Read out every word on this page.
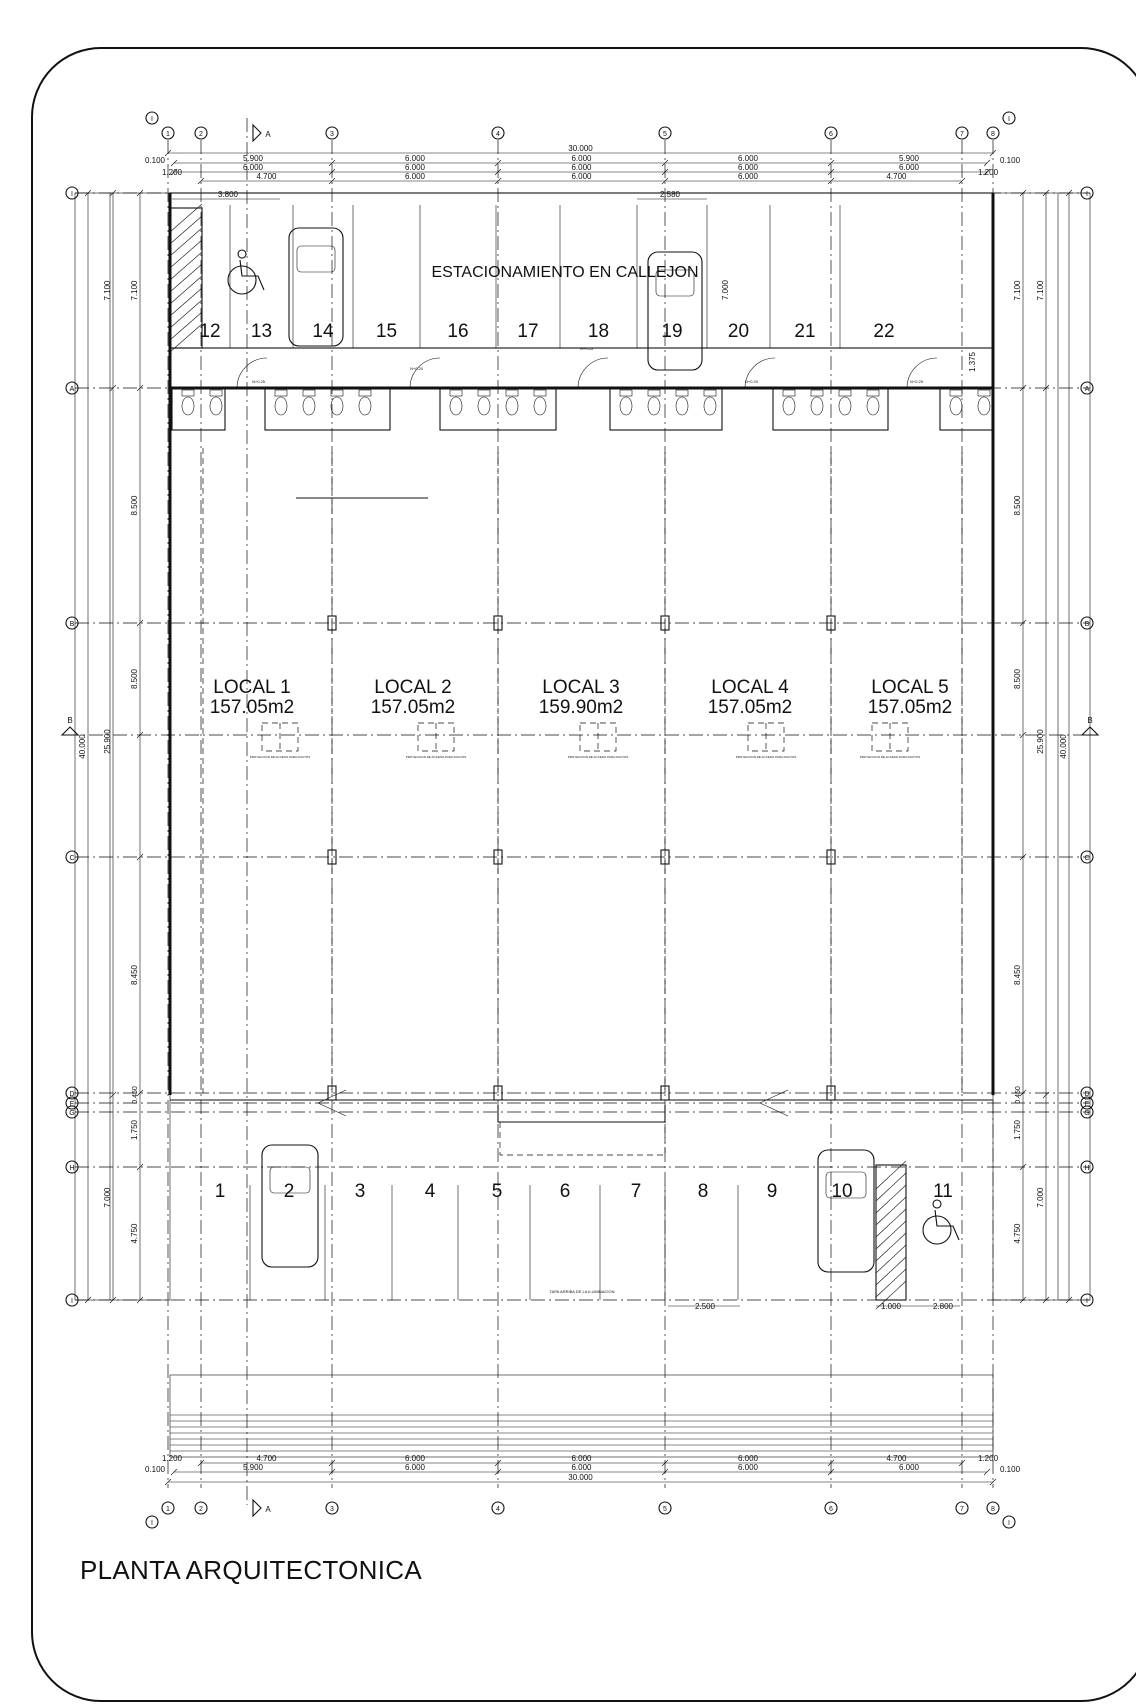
PROYECCION DE ACCESO PARA DUCTOS	PROYECCION DE ACCESO PARA DUCTOS	PROYECCION DE ACCESO PARA DUCTOS	PROYECCION DE ACCESO PARA DUCTOS	PROYECCION DE ACCESO PARA DUCTOS
12 13 14 15	16	17	18	19 20 21	22
1	2	3	4	5	6	7	8	9	10	11
30.000
5.900	6.000	6.000	6.000	5.900
6.000	6.000	6.000	6.000	6.000
4.700	6.000	6.000	6.000	4.700
0.100
1.200
0.100
1.200
4.700	6.000	6.000	6.000	4.700
5.900	6.000	6.000	6.000	6.000
30.000
1.200
0.100
1.200
0.100
40.000
7.100
25.900
7.000
7.100
8.500
8.500
8.450
1.750
4.750
40.000
7.100
25.900
7.000
7.100
8.500
8.500
8.450
1.750
4.750
0.450	0.450
3.800	2.580
7.000
1.375
2.500	1.000	2.800
N+0.25
N+0.20
N+0.25
N+0.20	N+0.25
TAPA ARRIBA DE LA ILUMINACION
1
1
2
2
3
3
4
4
5
5
6
6
7
7
8
8
I	I
I	I
I	I
A	A
B	B
C	C
D	D
E	E
G	G
H	H
I	I
A
A
B	B
ESTACIONAMIENTO EN CALLEJON
LOCAL 1
157.05m2
LOCAL 2
157.05m2
LOCAL 3
159.90m2
LOCAL 4
157.05m2
LOCAL 5
157.05m2
PLANTA ARQUITECTONICA
